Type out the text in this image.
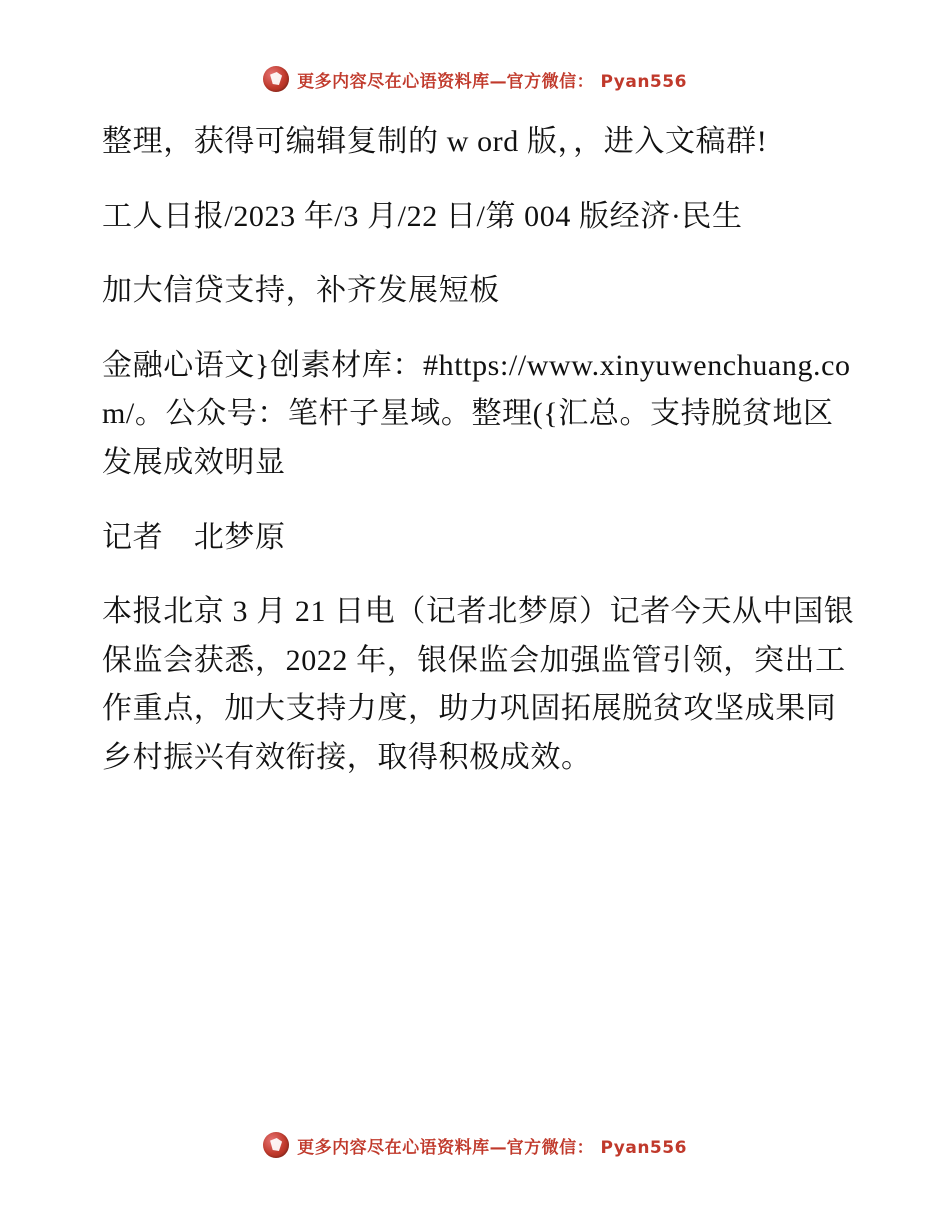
更多内容尽在心语资料库—官方微信： Pyan556

整理，获得可编辑复制的 w ord 版，，进入文稿群!

工人日报/2023 年/3 月/22 日/第 004 版经济·民生

加大信贷支持，补齐发展短板

金融心语文}创素材库：#https://www.xinyuwenchuang.com/。公众号：笔杆子星域。整理({汇总。支持脱贫地区发展成效明显

记者　北梦原

本报北京 3 月 21 日电（记者北梦原）记者今天从中国银保监会获悉，2022 年，银保监会加强监管引领，突出工作重点，加大支持力度，助力巩固拓展脱贫攻坚成果同乡村振兴有效衔接，取得积极成效。

更多内容尽在心语资料库—官方微信： Pyan556
